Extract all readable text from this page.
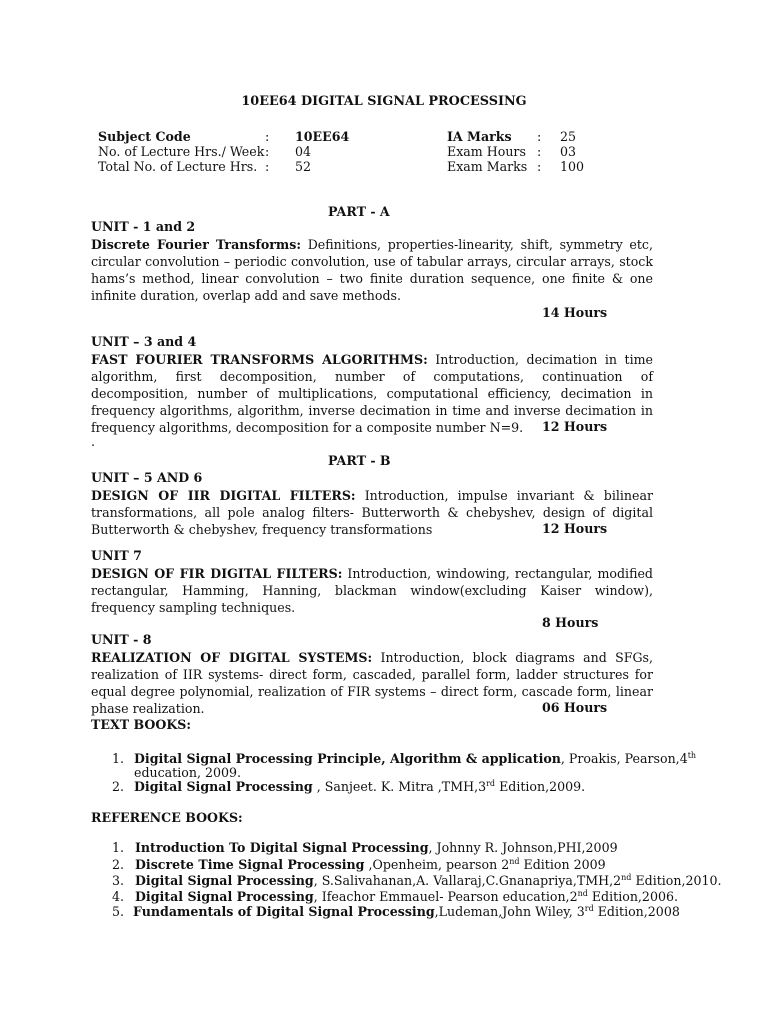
10EE64 DIGITAL SIGNAL PROCESSING
Subject Code	: 10EE64
No. of Lecture Hrs./ Week : 04
Total No. of Lecture Hrs. : 52
IA Marks : 25
Exam Hours : 03
Exam Marks : 100
PART - A
UNIT - 1 and 2
Discrete Fourier Transforms: Definitions, properties-linearity, shift, symmetry etc, circular convolution – periodic convolution, use of tabular arrays, circular arrays, stock hams’s method, linear convolution – two finite duration sequence, one finite & one infinite duration, overlap add and save methods.
14 Hours
UNIT – 3 and 4
FAST FOURIER TRANSFORMS ALGORITHMS: Introduction, decimation in time algorithm, first decomposition, number of computations, continuation of decomposition, number of multiplications, computational efficiency, decimation in frequency algorithms, algorithm, inverse decimation in time and inverse decimation in frequency algorithms, decomposition for a composite number N=9.	12 Hours
.
PART - B
UNIT – 5 AND 6
DESIGN OF IIR DIGITAL FILTERS: Introduction, impulse invariant & bilinear transformations, all pole analog filters- Butterworth & chebyshev, design of digital Butterworth & chebyshev, frequency transformations	12 Hours
UNIT 7
DESIGN OF FIR DIGITAL FILTERS: Introduction, windowing, rectangular, modified rectangular, Hamming, Hanning, blackman window(excluding Kaiser window), frequency sampling techniques.
8 Hours
UNIT - 8
REALIZATION OF DIGITAL SYSTEMS: Introduction, block diagrams and SFGs, realization of IIR systems- direct form, cascaded, parallel form, ladder structures for equal degree polynomial, realization of FIR systems – direct form, cascade form, linear phase realization.	06 Hours
TEXT BOOKS:
1. Digital Signal Processing Principle, Algorithm & application, Proakis, Pearson,4th
education, 2009.
2. Digital Signal Processing , Sanjeet. K. Mitra ,TMH,3rd Edition,2009.
REFERENCE BOOKS:
1. Introduction To Digital Signal Processing, Johnny R. Johnson,PHI,2009
2. Discrete Time Signal Processing ,Openheim, pearson 2nd Edition 2009
3. Digital Signal Processing, S.Salivahanan,A. Vallaraj,C.Gnanapriya,TMH,2nd Edition,2010.
4. Digital Signal Processing, Ifeachor Emmauel- Pearson education,2nd Edition,2006.
5. Fundamentals of Digital Signal Processing,Ludeman,John Wiley, 3rd Edition,2008
